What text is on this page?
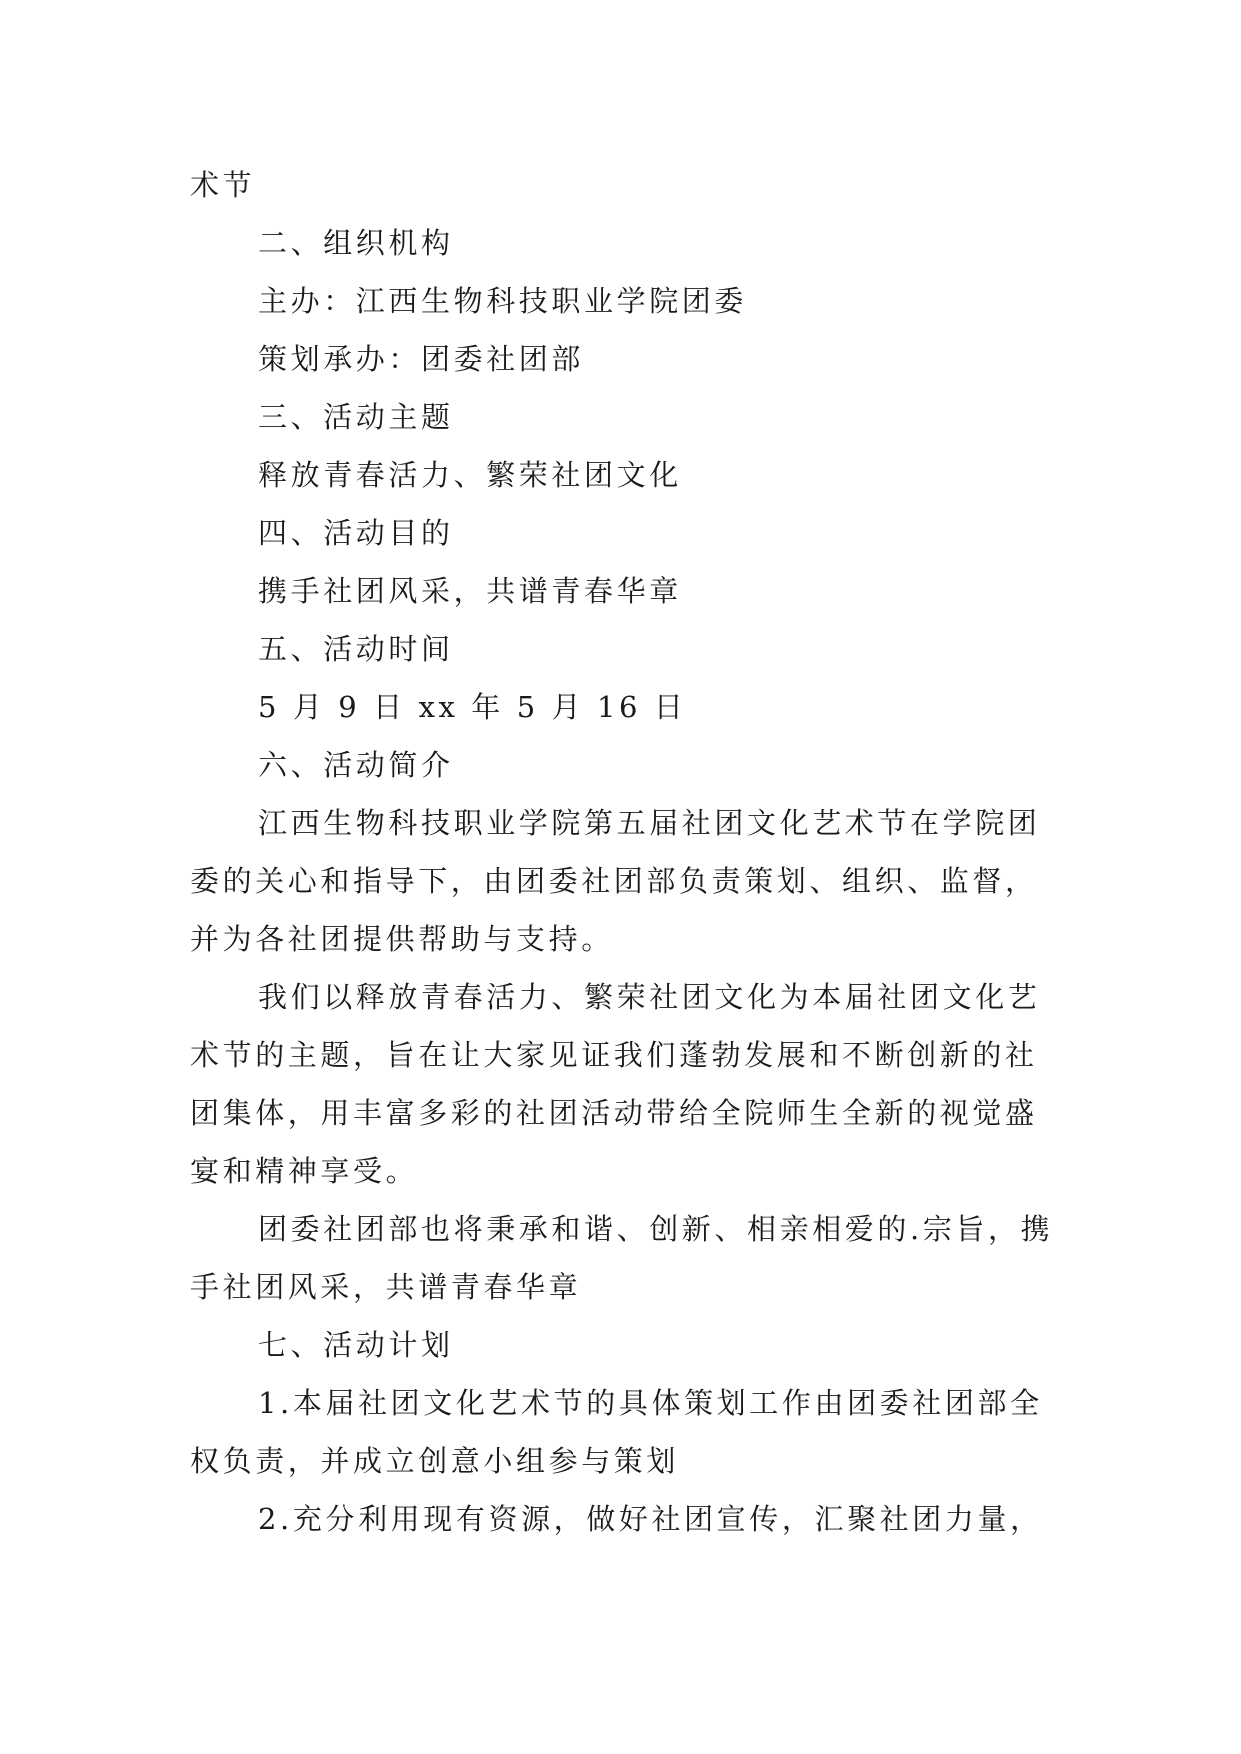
术节

二、组织机构

主办：江西生物科技职业学院团委

策划承办：团委社团部

三、活动主题

释放青春活力、繁荣社团文化

四、活动目的

携手社团风采，共谱青春华章

五、活动时间

5 月 9 日 xx 年 5 月 16 日

六、活动简介

江西生物科技职业学院第五届社团文化艺术节在学院团委的关心和指导下，由团委社团部负责策划、组织、监督，并为各社团提供帮助与支持。

我们以释放青春活力、繁荣社团文化为本届社团文化艺术节的主题，旨在让大家见证我们蓬勃发展和不断创新的社团集体，用丰富多彩的社团活动带给全院师生全新的视觉盛宴和精神享受。

团委社团部也将秉承和谐、创新、相亲相爱的.宗旨，携手社团风采，共谱青春华章

七、活动计划

1.本届社团文化艺术节的具体策划工作由团委社团部全权负责，并成立创意小组参与策划

2.充分利用现有资源，做好社团宣传，汇聚社团力量，
